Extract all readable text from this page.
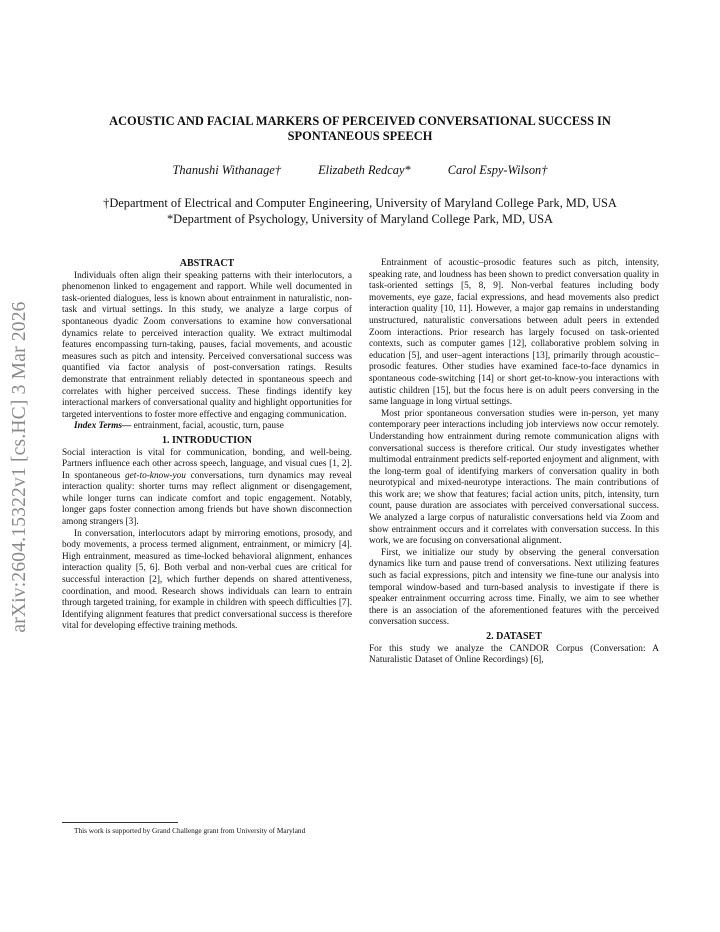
arXiv:2604.15322v1 [cs.HC] 3 Mar 2026
ACOUSTIC AND FACIAL MARKERS OF PERCEIVED CONVERSATIONAL SUCCESS IN
SPONTANEOUS SPEECH
Thanushi Withanage†	Elizabeth Redcay*	Carol Espy-Wilson†
†Department of Electrical and Computer Engineering, University of Maryland College Park, MD, USA
*Department of Psychology, University of Maryland College Park, MD, USA
ABSTRACT

Individuals often align their speaking patterns with their interlocutors, a phenomenon linked to engagement and rapport. While well documented in task-oriented dialogues, less is known about entrainment in naturalistic, non-task and virtual settings. In this study, we analyze a large corpus of spontaneous dyadic Zoom conversations to examine how conversational dynamics relate to perceived interaction quality. We extract multimodal features encompassing turn-taking, pauses, facial movements, and acoustic measures such as pitch and intensity. Perceived conversational success was quantified via factor analysis of post-conversation ratings. Results demonstrate that entrainment reliably detected in spontaneous speech and correlates with higher perceived success. These findings identify key interactional markers of conversational quality and highlight opportunities for targeted interventions to foster more effective and engaging communication.

Index Terms— entrainment, facial, acoustic, turn, pause

1. INTRODUCTION

Social interaction is vital for communication, bonding, and well-being. Partners influence each other across speech, language, and visual cues [1, 2]. In spontaneous get-to-know-you conversations, turn dynamics may reveal interaction quality: shorter turns may reflect alignment or disengagement, while longer turns can indicate comfort and topic engagement. Notably, longer gaps foster connection among friends but have shown disconnection among strangers [3].

In conversation, interlocutors adapt by mirroring emotions, prosody, and body movements, a process termed alignment, entrainment, or mimicry [4]. High entrainment, measured as time-locked behavioral alignment, enhances interaction quality [5, 6]. Both verbal and non-verbal cues are critical for successful interaction [2], which further depends on shared attentiveness, coordination, and mood. Research shows individuals can learn to entrain through targeted training, for example in children with speech difficulties [7]. Identifying alignment features that predict conversational success is therefore vital for developing effective training methods.

This work is supported by Grand Challenge grant from University of Maryland

Entrainment of acoustic–prosodic features such as pitch, intensity, speaking rate, and loudness has been shown to predict conversation quality in task-oriented settings [5, 8, 9]. Non-verbal features including body movements, eye gaze, facial expressions, and head movements also predict interaction quality [10, 11]. However, a major gap remains in understanding unstructured, naturalistic conversations between adult peers in extended Zoom interactions. Prior research has largely focused on task-oriented contexts, such as computer games [12], collaborative problem solving in education [5], and user–agent interactions [13], primarily through acoustic–prosodic features. Other studies have examined face-to-face dynamics in spontaneous code-switching [14] or short get-to-know-you interactions with autistic children [15], but the focus here is on adult peers conversing in the same language in long virtual settings.

Most prior spontaneous conversation studies were in-person, yet many contemporary peer interactions including job interviews now occur remotely. Understanding how entrainment during remote communication aligns with conversational success is therefore critical. Our study investigates whether multimodal entrainment predicts self-reported enjoyment and alignment, with the long-term goal of identifying markers of conversation quality in both neurotypical and mixed-neurotype interactions. The main contributions of this work are; we show that features; facial action units, pitch, intensity, turn count, pause duration are associates with perceived conversational success. We analyzed a large corpus of naturalistic conversations held via Zoom and show entrainment occurs and it correlates with conversation success. In this work, we are focusing on conversational alignment.

First, we initialize our study by observing the general conversation dynamics like turn and pause trend of conversations. Next utilizing features such as facial expressions, pitch and intensity we fine-tune our analysis into temporal window-based and turn-based analysis to investigate if there is speaker entrainment occurring across time. Finally, we aim to see whether there is an association of the aforementioned features with the perceived conversation success.

2. DATASET

For this study we analyze the CANDOR Corpus (Conversation: A Naturalistic Dataset of Online Recordings) [6],
